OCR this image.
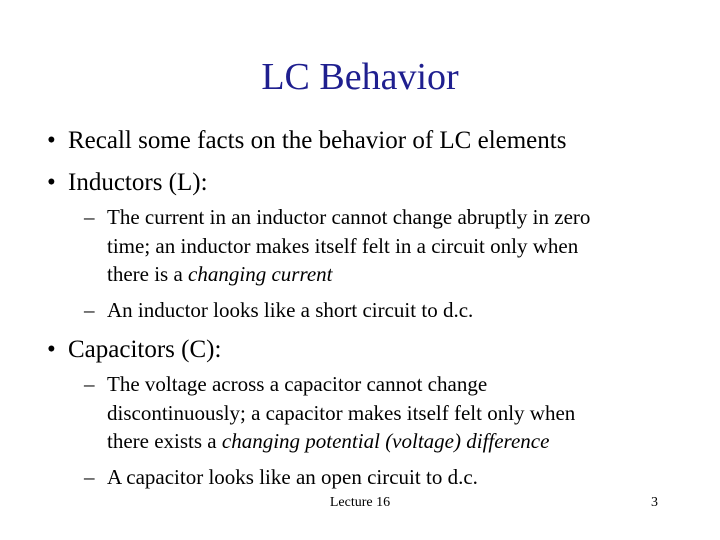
LC Behavior
• Recall some facts on the behavior of LC elements
• Inductors (L):
– The current in an inductor cannot change abruptly in zero
time; an inductor makes itself felt in a circuit only when
there is a changing current
– An inductor looks like a short circuit to d.c.
• Capacitors (C):
– The voltage across a capacitor cannot change
discontinuously; a capacitor makes itself felt only when
there exists a changing potential (voltage) difference
– A capacitor looks like an open circuit to d.c.
Lecture 16	3
